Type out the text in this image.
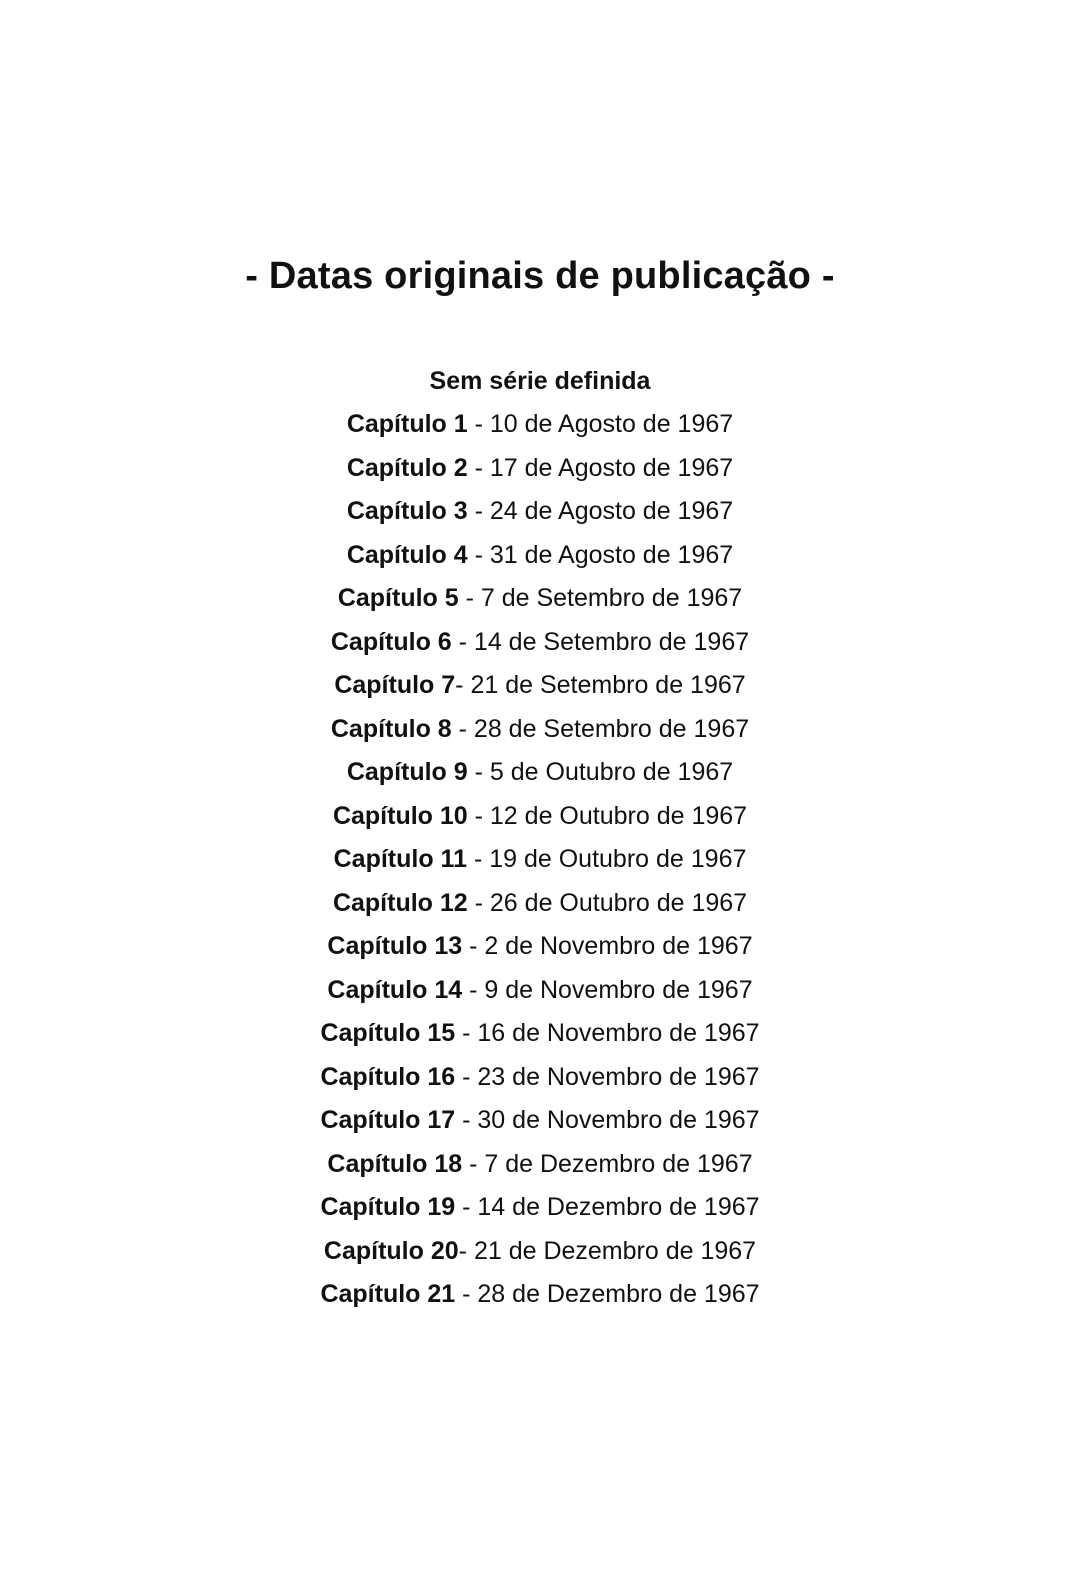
- Datas originais de publicação -
Sem série definida
Capítulo 1 - 10 de Agosto de 1967
Capítulo 2 - 17 de Agosto de 1967
Capítulo 3 - 24 de Agosto de 1967
Capítulo 4 - 31 de Agosto de 1967
Capítulo 5 - 7 de Setembro de 1967
Capítulo 6 - 14 de Setembro de 1967
Capítulo 7- 21 de Setembro de 1967
Capítulo 8 - 28 de Setembro de 1967
Capítulo 9 - 5 de Outubro de 1967
Capítulo 10 - 12 de Outubro de 1967
Capítulo 11 - 19 de Outubro de 1967
Capítulo 12 - 26 de Outubro de 1967
Capítulo 13 - 2 de Novembro de 1967
Capítulo 14 - 9 de Novembro de 1967
Capítulo 15 - 16 de Novembro de 1967
Capítulo 16 - 23 de Novembro de 1967
Capítulo 17 - 30 de Novembro de 1967
Capítulo 18 - 7 de Dezembro de 1967
Capítulo 19 - 14 de Dezembro de 1967
Capítulo 20- 21 de Dezembro de 1967
Capítulo 21 - 28 de Dezembro de 1967
